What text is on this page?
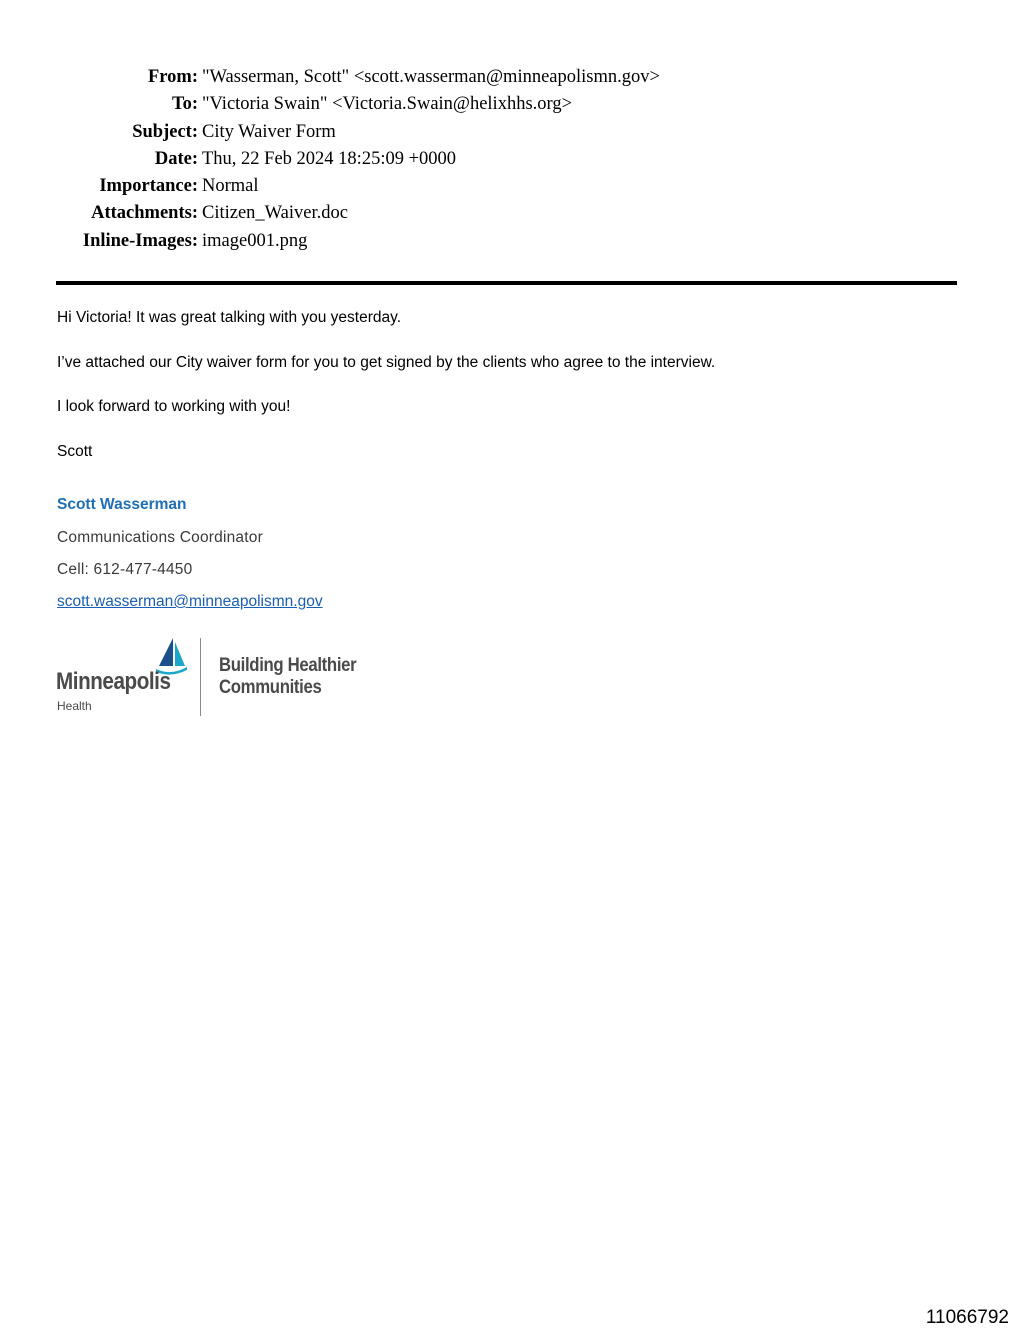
From: "Wasserman, Scott" <scott.wasserman@minneapolismn.gov>
To: "Victoria Swain" <Victoria.Swain@helixhhs.org>
Subject: City Waiver Form
Date: Thu, 22 Feb 2024 18:25:09 +0000
Importance: Normal
Attachments: Citizen_Waiver.doc
Inline-Images: image001.png
Hi Victoria! It was great talking with you yesterday.
I’ve attached our City waiver form for you to get signed by the clients who agree to the interview.
I look forward to working with you!
Scott
Scott Wasserman
Communications Coordinator
Cell: 612-477-4450
scott.wasserman@minneapolismn.gov
Minneapolis
Health
Building Healthier
Communities
11066792
